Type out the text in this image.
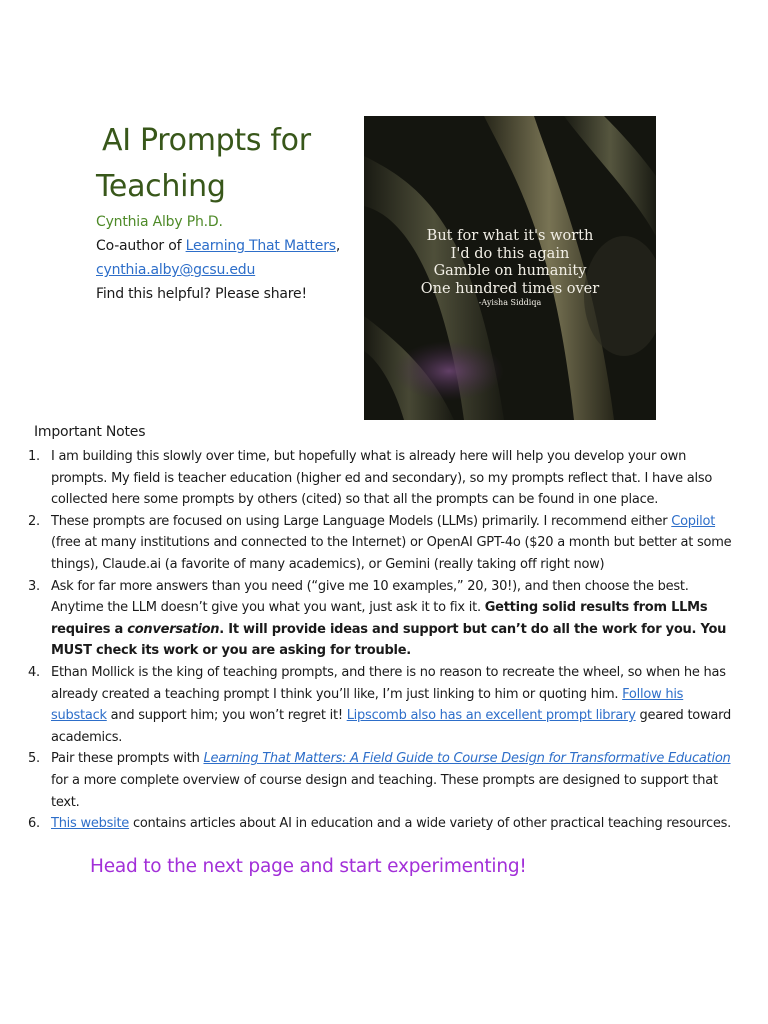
AI Prompts for
Teaching
Cynthia Alby Ph.D.
Co-author of Learning That Matters,
cynthia.alby@gcsu.edu
Find this helpful? Please share!
But for what it's worth
I'd do this again
Gamble on humanity
One hundred times over
-Ayisha Siddiqa
Important Notes
1. I am building this slowly over time, but hopefully what is already here will help you develop your own prompts. My field is teacher education (higher ed and secondary), so my prompts reflect that. I have also collected here some prompts by others (cited) so that all the prompts can be found in one place.
2. These prompts are focused on using Large Language Models (LLMs) primarily. I recommend either Copilot (free at many institutions and connected to the Internet) or OpenAI GPT-4o ($20 a month but better at some things), Claude.ai (a favorite of many academics), or Gemini (really taking off right now)
3. Ask for far more answers than you need (“give me 10 examples,” 20, 30!), and then choose the best. Anytime the LLM doesn’t give you what you want, just ask it to fix it. Getting solid results from LLMs requires a conversation. It will provide ideas and support but can’t do all the work for you. You MUST check its work or you are asking for trouble.
4. Ethan Mollick is the king of teaching prompts, and there is no reason to recreate the wheel, so when he has already created a teaching prompt I think you’ll like, I’m just linking to him or quoting him. Follow his substack and support him; you won’t regret it! Lipscomb also has an excellent prompt library geared toward academics.
5. Pair these prompts with Learning That Matters: A Field Guide to Course Design for Transformative Education for a more complete overview of course design and teaching. These prompts are designed to support that text.
6. This website contains articles about AI in education and a wide variety of other practical teaching resources.
Head to the next page and start experimenting!
